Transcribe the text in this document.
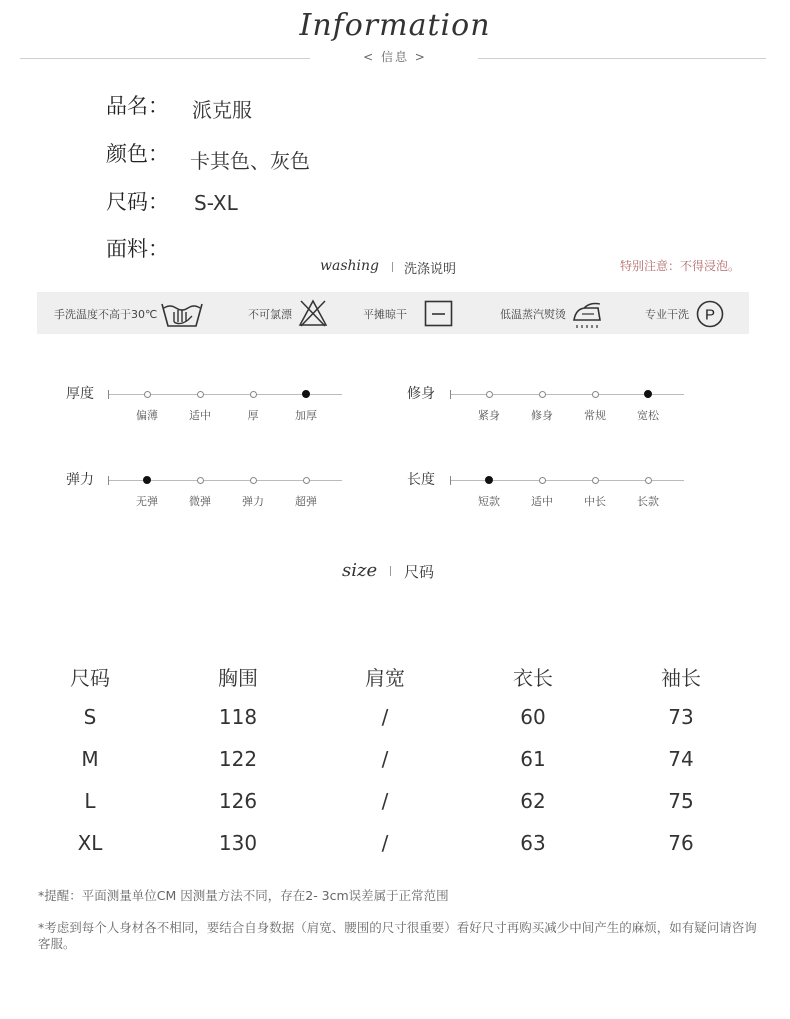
Information
< 信息 >
品名： 派克服
颜色： 卡其色、灰色
尺码： S-XL
面料：
washing 洗涤说明	特别注意：不得浸泡。
手洗温度不高于30℃	不可氯漂	平摊晾干	低温蒸汽熨烫	专业干洗 P
厚度
偏薄	适中	厚	加厚
修身
紧身	修身	常规	宽松
弹力
无弹	微弹	弹力	超弹
长度
短款	适中	中长	长款
size 尺码
尺码	胸围	肩宽	衣长	袖长
S	118	/	60	73
M	122	/	61	74
L	126	/	62	75
XL	130	/	63	76
*提醒：平面测量单位CM 因测量方法不同，存在2- 3cm误差属于正常范围
*考虑到每个人身材各不相同，要结合自身数据（肩宽、腰围的尺寸很重要）看好尺寸再购买减少中间产生的麻烦，如有疑问请咨询客服。
